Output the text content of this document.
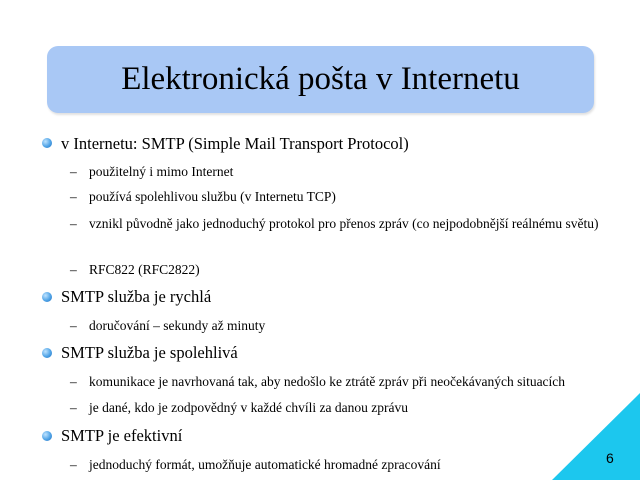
Elektronická pošta v Internetu
v Internetu: SMTP (Simple Mail Transport Protocol)
– použitelný i mimo Internet
– používá spolehlivou službu (v Internetu TCP)
– vznikl původně jako jednoduchý protokol pro přenos zpráv (co nejpodobnější reálnému světu)
– RFC822 (RFC2822)
SMTP služba je rychlá
– doručování – sekundy až minuty
SMTP služba je spolehlivá
– komunikace je navrhovaná tak, aby nedošlo ke ztrátě zpráv při neočekávaných situacích
– je dané, kdo je zodpovědný v každé chvíli za danou zprávu
SMTP je efektivní
– jednoduchý formát, umožňuje automatické hromadné zpracování	6
